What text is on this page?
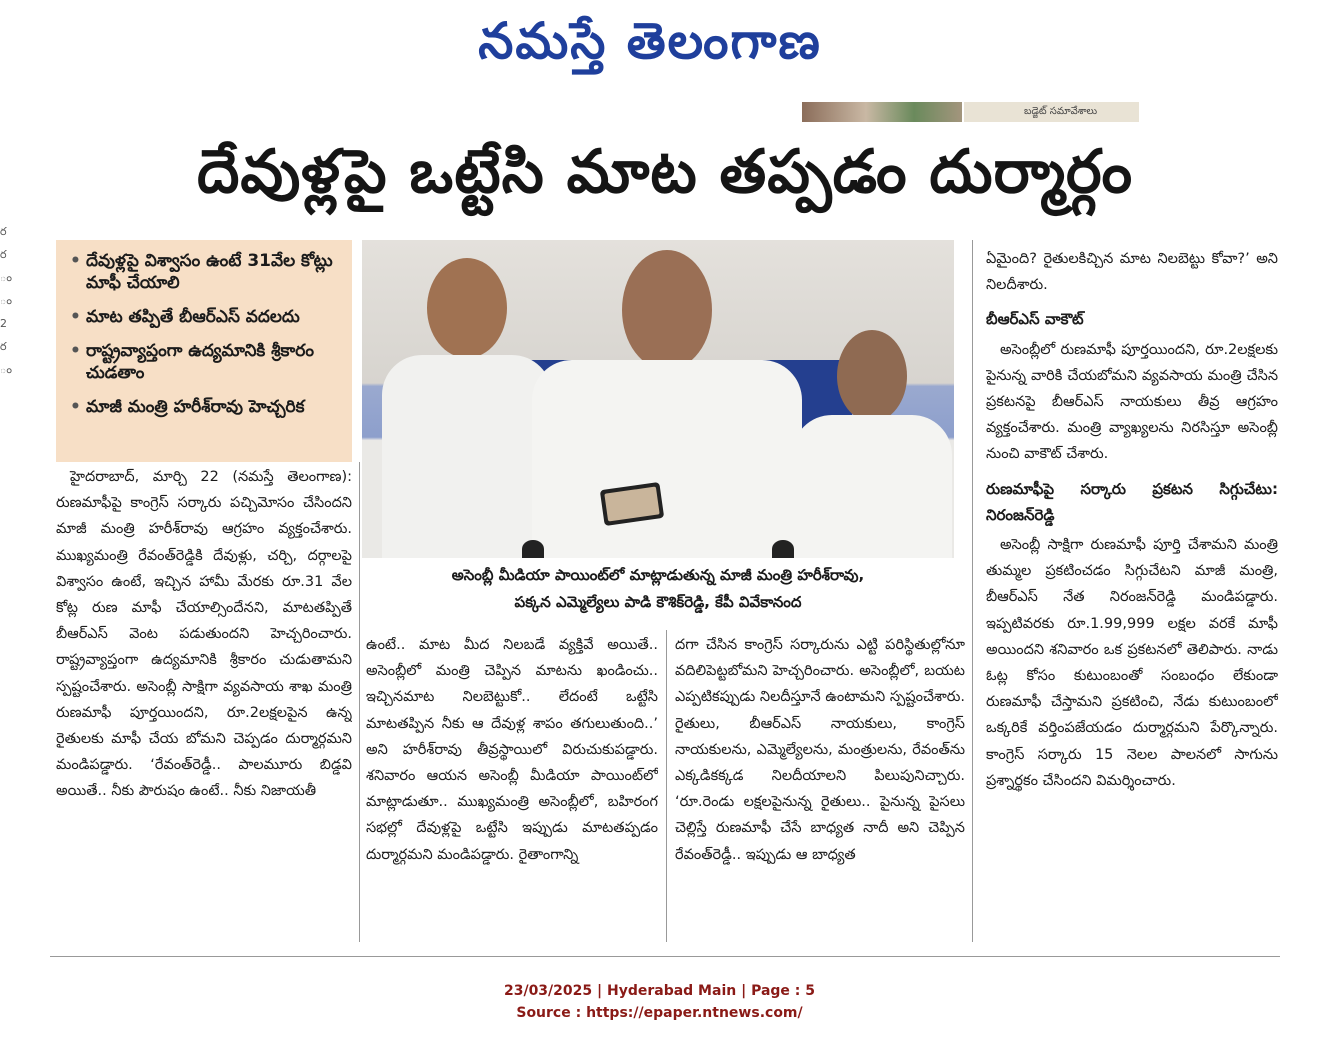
నమస్తే తెలంగాణ
బడ్జెట్ సమావేశాలు
దేవుళ్లపై ఒట్టేసి మాట తప్పడం దుర్మార్గం
ర ర ం ం 2 ర ం
• దేవుళ్లపై విశ్వాసం ఉంటే 31వేల కోట్లు మాఫీ చేయాలి
• మాట తప్పితే బీఆర్ఎస్ వదలదు
• రాష్ట్రవ్యాప్తంగా ఉద్యమానికి శ్రీకారం చుడతాం
• మాజీ మంత్రి హరీశ్‌రావు హెచ్చరిక
అసెంబ్లీ మీడియా పాయింట్‌లో మాట్లాడుతున్న మాజీ మంత్రి హరీశ్‌రావు,
పక్కన ఎమ్మెల్యేలు పాడి కౌశిక్‌రెడ్డి, కేపీ వివేకానంద

హైదరాబాద్, మార్చి 22 (నమస్తే తెలంగాణ): రుణమాఫీపై కాంగ్రెస్ సర్కారు పచ్చిమోసం చేసిందని మాజీ మంత్రి హరీశ్‌రావు ఆగ్రహం వ్యక్తంచేశారు. ముఖ్యమంత్రి రేవంత్‌రెడ్డికి దేవుళ్లు, చర్చి, దర్గాలపై విశ్వాసం ఉంటే, ఇచ్చిన హామీ మేరకు రూ.31 వేల కోట్ల రుణ మాఫీ చేయాల్సిందేనని, మాటతప్పితే బీఆర్ఎస్ వెంట పడుతుందని హెచ్చరించారు. రాష్ట్రవ్యాప్తంగా ఉద్యమానికి శ్రీకారం చుడుతామని స్పష్టంచేశారు. అసెంబ్లీ సాక్షిగా వ్యవసాయ శాఖ మంత్రి రుణమాఫీ పూర్తయిందని, రూ.2లక్షలపైన ఉన్న రైతులకు మాఫీ చేయ బోమని చెప్పడం దుర్మార్గమని మండిపడ్డారు. ‘రేవంత్‌రెడ్డీ.. పాలమూరు బిడ్డవి అయితే.. నీకు పౌరుషం ఉంటే.. నీకు నిజాయతీ

ఉంటే.. మాట మీద నిలబడే వ్యక్తివే అయితే.. అసెంబ్లీలో మంత్రి చెప్పిన మాటను ఖండించు.. ఇచ్చినమాట నిలబెట్టుకో.. లేదంటే ఒట్టేసి మాటతప్పిన నీకు ఆ దేవుళ్ల శాపం తగులుతుంది..’ అని హరీశ్‌రావు తీవ్రస్థాయిలో విరుచుకుపడ్డారు. శనివారం ఆయన అసెంబ్లీ మీడియా పాయింట్‌లో మాట్లాడుతూ.. ముఖ్యమంత్రి అసెంబ్లీలో, బహిరంగ సభల్లో దేవుళ్లపై ఒట్టేసి ఇప్పుడు మాటతప్పడం దుర్మార్గమని మండిపడ్డారు. రైతాంగాన్ని

దగా చేసిన కాంగ్రెస్ సర్కారును ఎట్టి పరిస్థితుల్లోనూ వదిలిపెట్టబోమని హెచ్చరించారు. అసెంబ్లీలో, బయట ఎప్పటికప్పుడు నిలదీస్తూనే ఉంటామని స్పష్టంచేశారు. రైతులు, బీఆర్ఎస్ నాయకులు, కాంగ్రెస్ నాయకులను, ఎమ్మెల్యేలను, మంత్రులను, రేవంత్‌ను ఎక్కడికక్కడ నిలదీయాలని పిలుపునిచ్చారు. ‘రూ.రెండు లక్షలపైనున్న రైతులు.. పైనున్న పైసలు చెల్లిస్తే రుణమాఫీ చేసే బాధ్యత నాదీ అని చెప్పిన రేవంత్‌రెడ్డీ.. ఇప్పుడు ఆ బాధ్యత

ఏమైంది? రైతులకిచ్చిన మాట నిలబెట్టు కోవా?’ అని నిలదీశారు.

బీఆర్ఎస్ వాకౌట్

అసెంబ్లీలో రుణమాఫీ పూర్తయిందని, రూ.2లక్షలకు పైనున్న వారికి చేయబోమని వ్యవసాయ మంత్రి చేసిన ప్రకటనపై బీఆర్ఎస్ నాయకులు తీవ్ర ఆగ్రహం వ్యక్తంచేశారు. మంత్రి వ్యాఖ్యలను నిరసిస్తూ అసెంబ్లీ నుంచి వాకౌట్ చేశారు.

రుణమాఫీపై సర్కారు ప్రకటన సిగ్గుచేటు: నిరంజన్‌రెడ్డి

అసెంబ్లీ సాక్షిగా రుణమాఫీ పూర్తి చేశామని మంత్రి తుమ్మల ప్రకటించడం సిగ్గుచేటని మాజీ మంత్రి, బీఆర్ఎస్ నేత నిరంజన్‌రెడ్డి మండిపడ్డారు. ఇప్పటివరకు రూ.1.99,999 లక్షల వరకే మాఫీ అయిందని శనివారం ఒక ప్రకటనలో తెలిపారు. నాడు ఓట్ల కోసం కుటుంబంతో సంబంధం లేకుండా రుణమాఫీ చేస్తామని ప్రకటించి, నేడు కుటుంబంలో ఒక్కరికే వర్తింపజేయడం దుర్మార్గమని పేర్కొన్నారు. కాంగ్రెస్ సర్కారు 15 నెలల పాలనలో సాగును ప్రశ్నార్థకం చేసిందని విమర్శించారు.

23/03/2025 | Hyderabad Main | Page : 5
Source : https://epaper.ntnews.com/
